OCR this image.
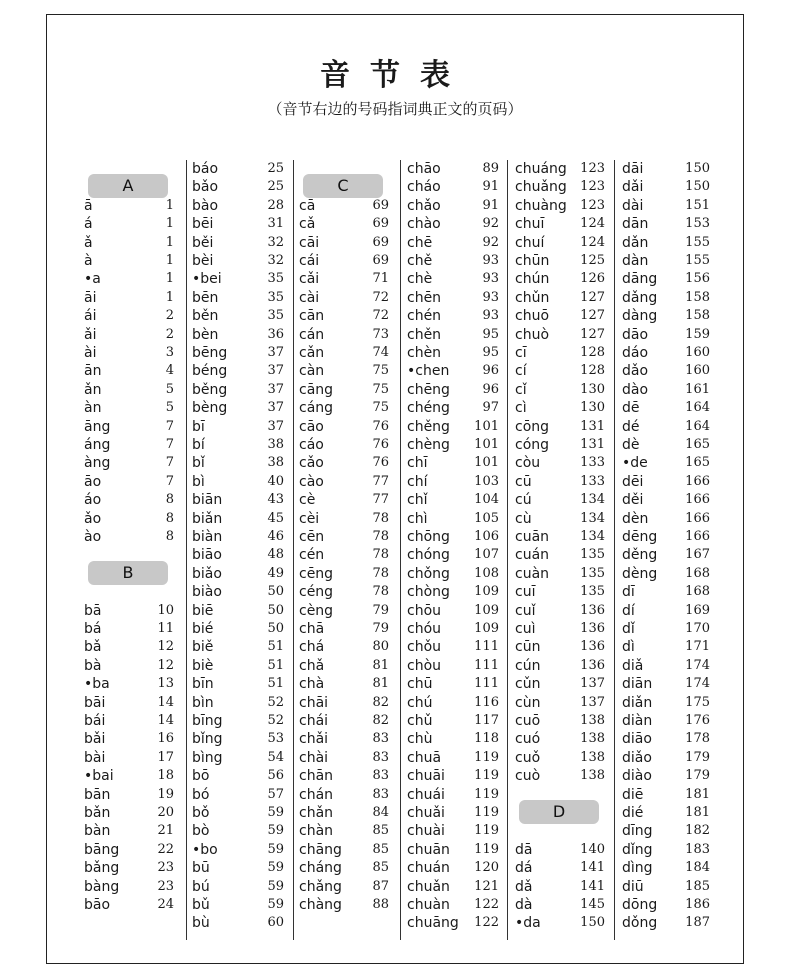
音节表

（音节右边的号码指词典正文的页码）

A
ā	1
á	1
ǎ	1
à	1
•a	1
āi	1
ái	2
ǎi	2
ài	3
ān	4
ǎn	5
àn	5
āng	7
áng	7
àng	7
āo	7
áo	8
ǎo	8
ào	8
B
bā	10
bá	11
bǎ	12
bà	12
•ba	13
bāi	14
bái	14
bǎi	16
bài	17
•bai	18
bān	19
bǎn	20
bàn	21
bāng	22
bǎng	23
bàng	23
bāo	24
báo	25
bǎo	25
bào	28
bēi	31
běi	32
bèi	32
•bei	35
bēn	35
běn	35
bèn	36
bēng	37
béng	37
běng	37
bèng	37
bī	37
bí	38
bǐ	38
bì	40
biān	43
biǎn	45
biàn	46
biāo	48
biǎo	49
biào	50
biē	50
bié	50
biě	51
biè	51
bīn	51
bìn	52
bīng	52
bǐng	53
bìng	54
bō	56
bó	57
bǒ	59
bò	59
•bo	59
bū	59
bú	59
bǔ	59
bù	60
C
cā	69
cǎ	69
cāi	69
cái	69
cǎi	71
cài	72
cān	72
cán	73
cǎn	74
càn	75
cāng	75
cáng	75
cāo	76
cáo	76
cǎo	76
cào	77
cè	77
cèi	78
cēn	78
cén	78
cēng	78
céng	78
cèng	79
chā	79
chá	80
chǎ	81
chà	81
chāi	82
chái	82
chǎi	83
chài	83
chān	83
chán	83
chǎn	84
chàn	85
chāng 85
cháng 85
chǎng 87
chàng 88
chāo	89
cháo	91
chǎo	91
chào	92
chē	92
chě	93
chè	93
chēn	93
chén	93
chěn	95
chèn	95
•chen	96
chēng	96
chéng	97
chěng 101
chèng 101
chī	101
chí	103
chǐ	104
chì	105
chōng 106
chóng 107
chǒng 108
chòng 109
chōu	109
chóu	109
chǒu	111
chòu	111
chū	111
chú	116
chǔ	117
chù	118
chuā	119
chuāi 119
chuái 119
chuǎi 119
chuài 119
chuān 119
chuán 120
chuǎn 121
chuàn 122
chuāng 122
chuáng 123
chuǎng 123
chuàng 123
chuī	124
chuí	124
chūn 125
chún 126
chǔn 127
chuō 127
chuò 127
cī	128
cí	128
cǐ	130
cì	130
cōng 131
cóng 131
còu	133
cū	133
cú	134
cù	134
cuān 134
cuán 135
cuàn 135
cuī	135
cuǐ	136
cuì	136
cūn	136
cún	136
cǔn	137
cùn	137
cuō	138
cuó	138
cuǒ	138
cuò	138
D
dā	140
dá	141
dǎ	141
dà	145
•da	150
dāi	150
dǎi	150
dài	151
dān	153
dǎn	155
dàn	155
dāng 156
dǎng 158
dàng 158
dāo	159
dáo	160
dǎo	160
dào	161
dē	164
dé	164
dè	165
•de	165
dēi	166
děi	166
dèn	166
dēng 166
děng 167
dèng 168
dī	168
dí	169
dǐ	170
dì	171
diǎ	174
diān	174
diǎn	175
diàn	176
diāo	178
diǎo	179
diào	179
diē	181
dié	181
dīng	182
dǐng	183
dìng	184
diū	185
dōng 186
dǒng 187
